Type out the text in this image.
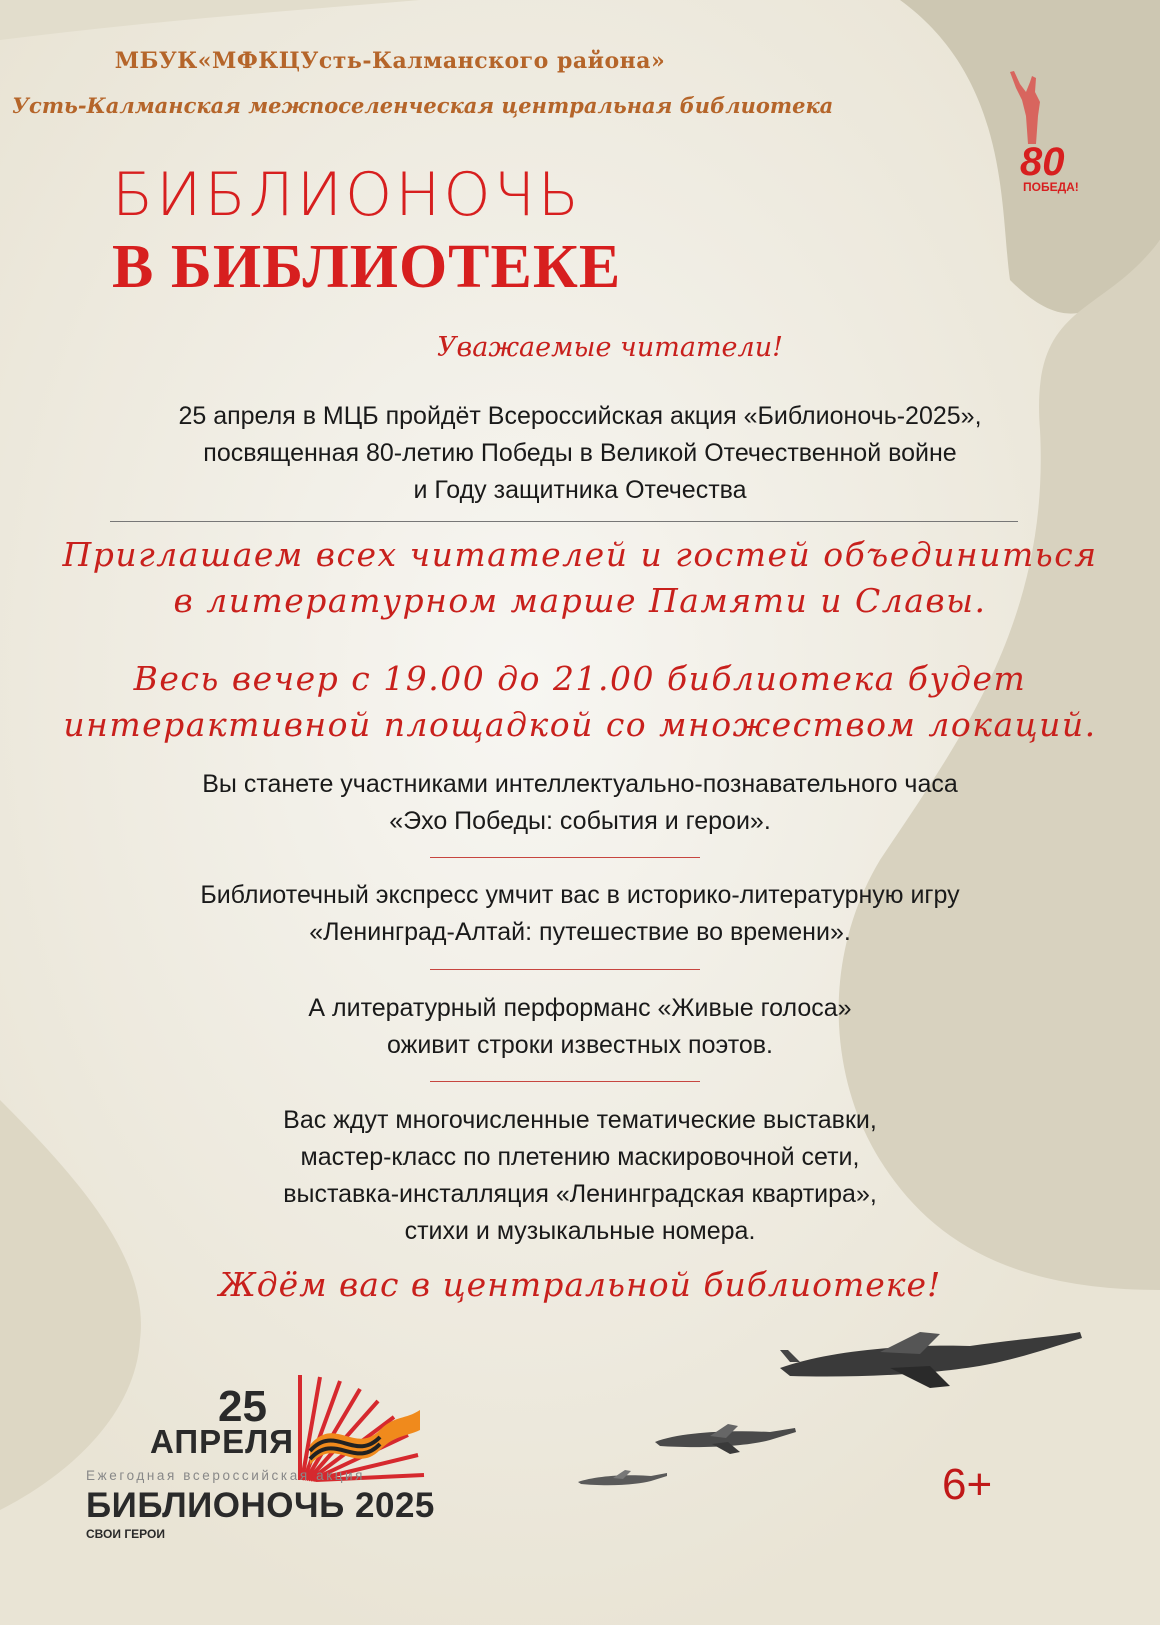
МБУК«МФКЦУсть-Калманского района»
Усть-Калманская межпоселенческая центральная библиотека
80
ПОБЕДА!
БИБЛИОНОЧЬ
В БИБЛИОТЕКЕ
Уважаемые читатели!
25 апреля в МЦБ пройдёт Всероссийская акция «Библионочь-2025»,
посвященная 80-летию Победы в Великой Отечественной войне
и Году защитника Отечества
Приглашаем всех читателей и гостей объединиться
в литературном марше Памяти и Славы.
Весь вечер с 19.00 до 21.00 библиотека будет
интерактивной площадкой со множеством локаций.
Вы станете участниками интеллектуально-познавательного часа
«Эхо Победы: события и герои».
Библиотечный экспресс умчит вас в историко-литературную игру
«Ленинград-Алтай: путешествие во времени».
А литературный перформанс «Живые голоса»
оживит строки известных поэтов.
Вас ждут многочисленные тематические выставки,
мастер-класс по плетению маскировочной сети,
выставка-инсталляция «Ленинградская квартира»,
стихи и музыкальные номера.
Ждём вас в центральной библиотеке!
25
АПРЕЛЯ
Ежегодная всероссийская акция
БИБЛИОНОЧЬ 2025
СВОИ ГЕРОИ
6+
